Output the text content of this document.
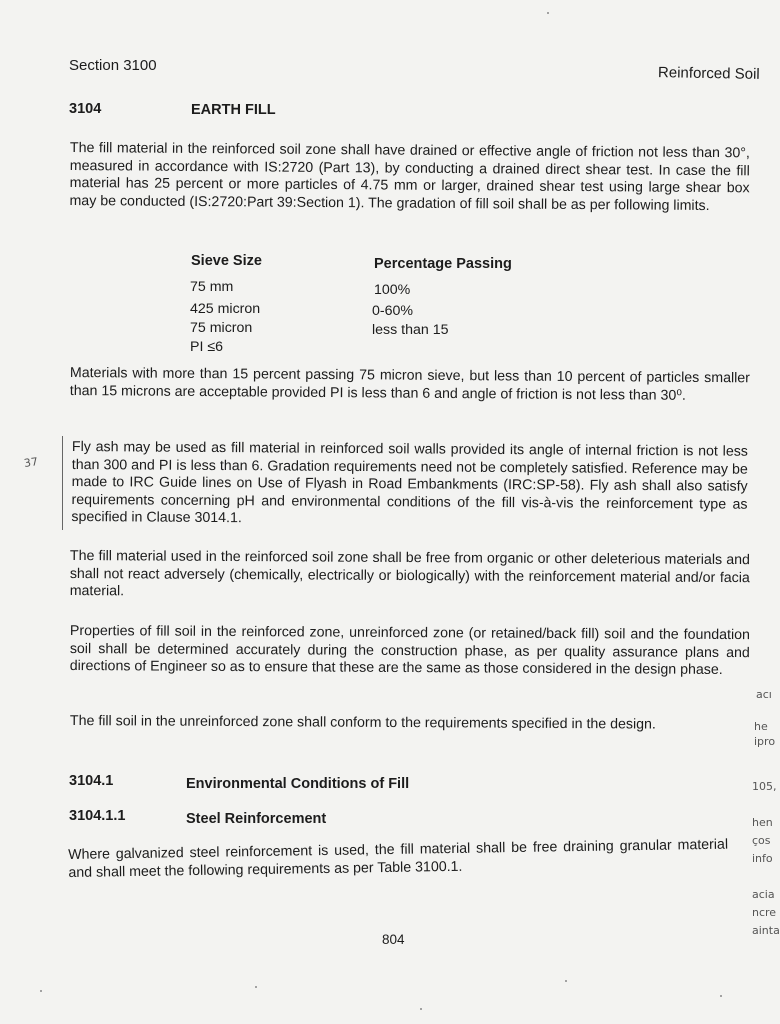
Section 3100	Reinforced Soil
3104	EARTH FILL
The fill material in the reinforced soil zone shall have drained or effective angle of friction not less than 30°, measured in accordance with IS:2720 (Part 13), by conducting a drained direct shear test. In case the fill material has 25 percent or more particles of 4.75 mm or larger, drained shear test using large shear box may be conducted (IS:2720:Part 39:Section 1). The gradation of fill soil shall be as per following limits.
Sieve Size	Percentage Passing
75 mm	100%
425 micron	0-60%
75 micron	less than 15
PI ≤6
Materials with more than 15 percent passing 75 micron sieve, but less than 10 percent of particles smaller than 15 microns are acceptable provided PI is less than 6 and angle of friction is not less than 30⁰.
Fly ash may be used as fill material in reinforced soil walls provided its angle of internal friction is not less than 300 and PI is less than 6. Gradation requirements need not be completely satisfied. Reference may be made to IRC Guide lines on Use of Flyash in Road Embankments (IRC:SP-58). Fly ash shall also satisfy requirements concerning pH and environmental conditions of the fill vis-à-vis the reinforcement type as specified in Clause 3014.1.
The fill material used in the reinforced soil zone shall be free from organic or other deleterious materials and shall not react adversely (chemically, electrically or biologically) with the reinforcement material and/or facia material.
Properties of fill soil in the reinforced zone, unreinforced zone (or retained/back fill) soil and the foundation soil shall be determined accurately during the construction phase, as per quality assurance plans and directions of Engineer so as to ensure that these are the same as those considered in the design phase.
The fill soil in the unreinforced zone shall conform to the requirements specified in the design.
3104.1	Environmental Conditions of Fill
3104.1.1	Steel Reinforcement
Where galvanized steel reinforcement is used, the fill material shall be free draining granular material and shall meet the following requirements as per Table 3100.1.
804
37
acı
he
ipro
105,
hen
ços
info
acia
ncre
ainta
